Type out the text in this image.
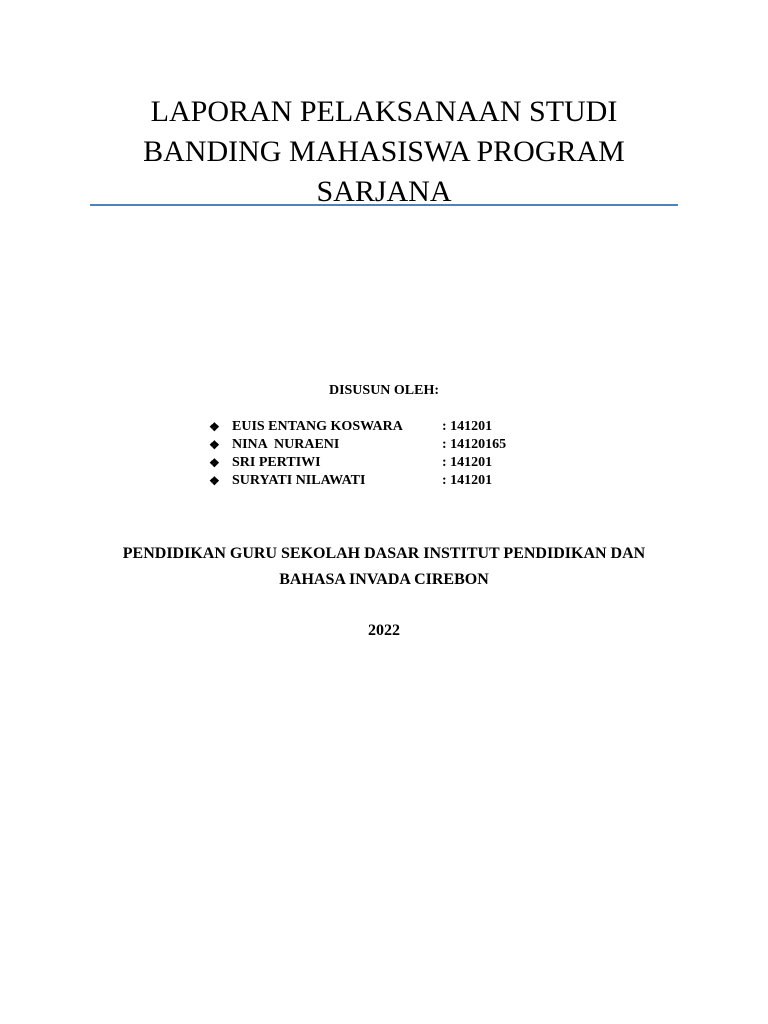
LAPORAN PELAKSANAAN STUDI
BANDING MAHASISWA PROGRAM
SARJANA
DISUSUN OLEH:
❖ EUIS ENTANG KOSWARA	: 141201
❖ NINA  NURAENI	: 14120165
❖ SRI PERTIWI	: 141201
❖ SURYATI NILAWATI	: 141201
PENDIDIKAN GURU SEKOLAH DASAR INSTITUT PENDIDIKAN DAN
BAHASA INVADA CIREBON
2022
